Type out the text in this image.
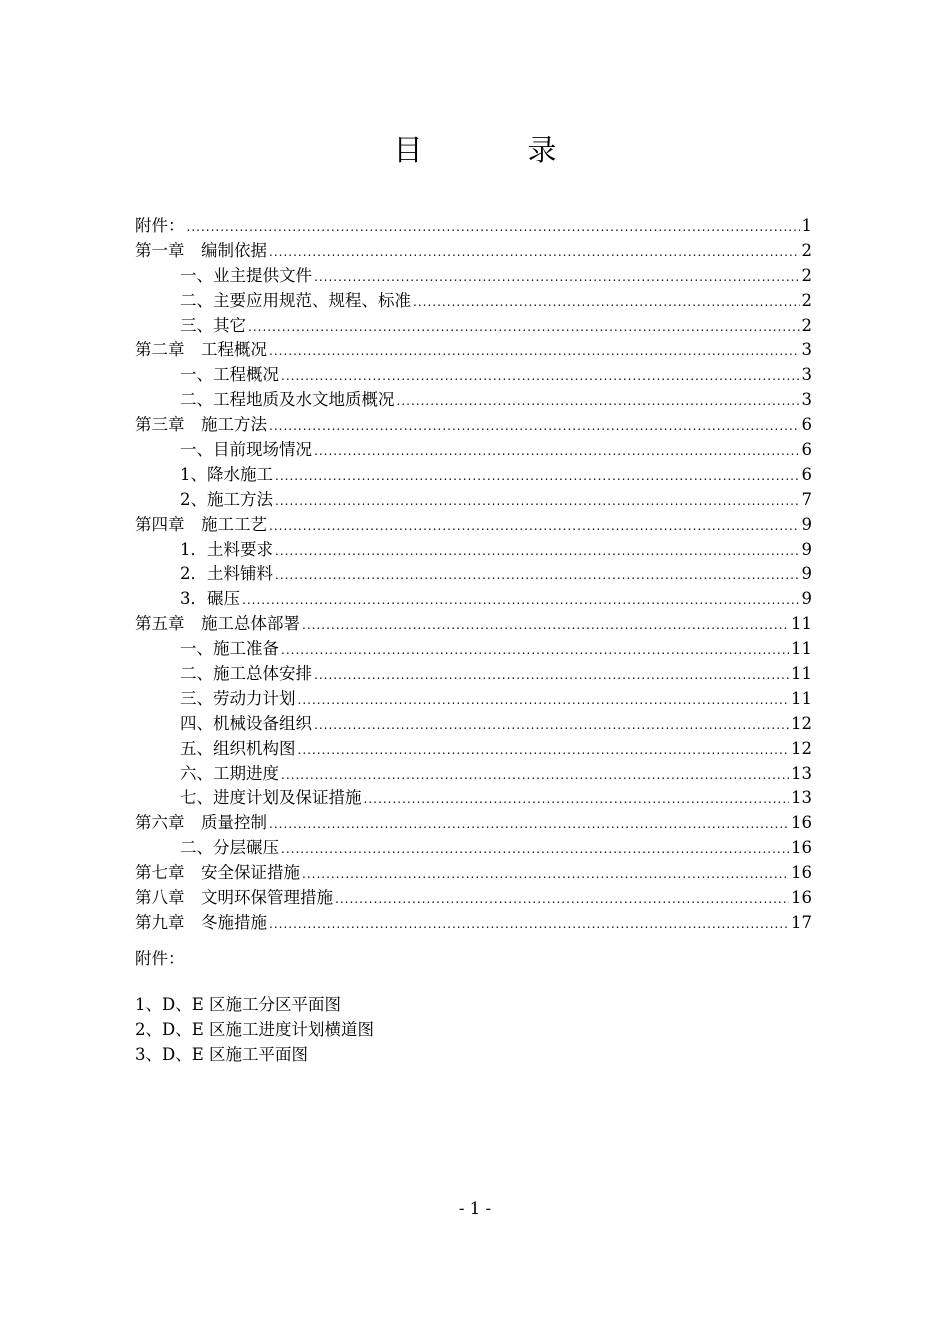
目　录
附件： .....	1
第一章　编制依据 .....	2
一、业主提供文件 .....	2
二、主要应用规范、规程、标准 .....	2
三、其它 .....	2
第二章　工程概况 .....	3
一、工程概况 .....	3
二、工程地质及水文地质概况 .....	3
第三章　施工方法 .....	6
一、目前现场情况 .....	6
1、降水施工 .....	6
2、施工方法 .....	7
第四章　施工工艺 .....	9
1．土料要求 .....	9
2．土料铺料 .....	9
3．碾压 .....	9
第五章　施工总体部署 .....	11
一、施工准备 .....	11
二、施工总体安排 .....	11
三、劳动力计划 .....	11
四、机械设备组织 .....	12
五、组织机构图 .....	12
六、工期进度 .....	13
七、进度计划及保证措施 .....	13
第六章　质量控制 .....	16
二、分层碾压 .....	16
第七章　安全保证措施 .....	16
第八章　文明环保管理措施 .....	16
第九章　冬施措施 .....	17
附件：
1、D、E 区施工分区平面图
2、D、E 区施工进度计划横道图
3、D、E 区施工平面图
- 1 -
